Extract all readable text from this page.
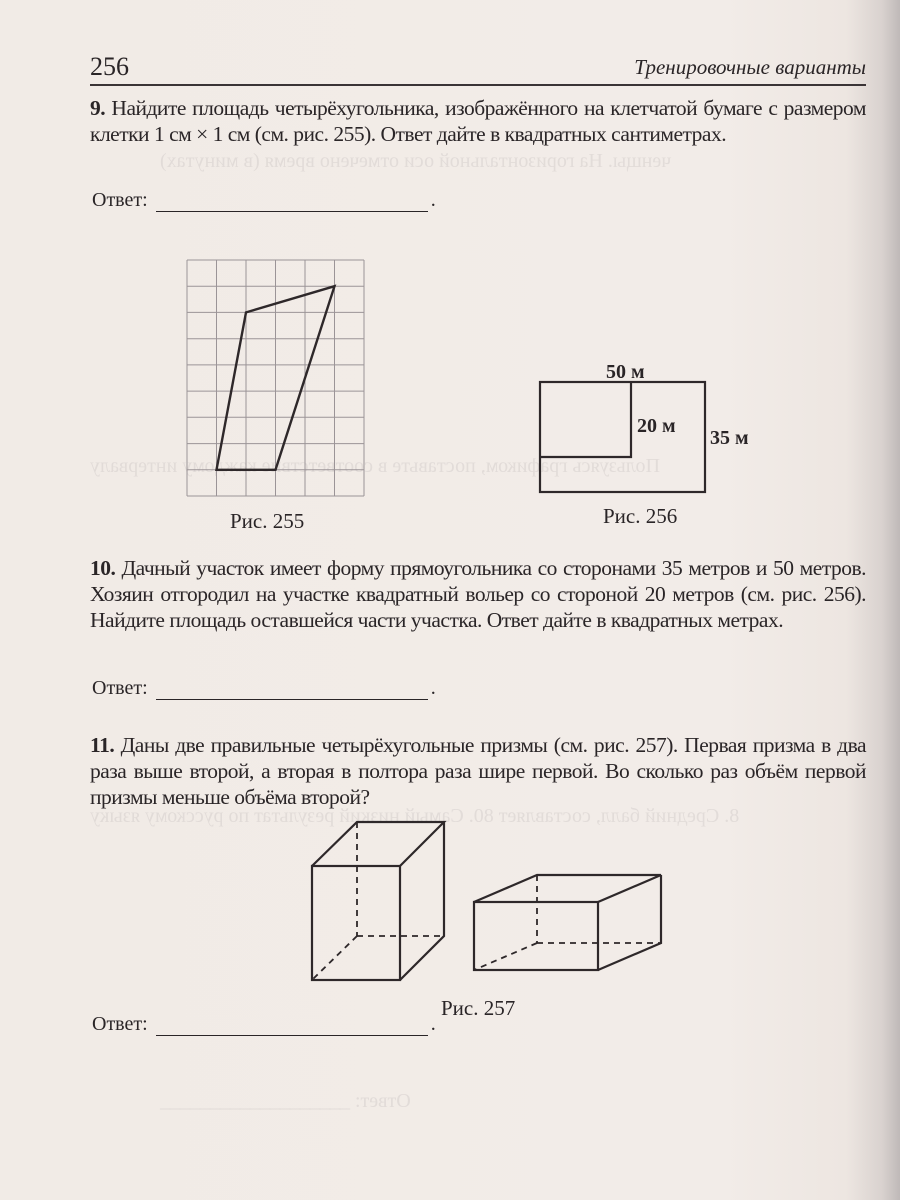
ченщы. На горизонтальной оси отмечено время (в минутах)
Пользуясь графиком, поставьте в соответствие каждому интервалу
8. Средний балл, составляет 80. Самый низкий результат по русскому языку
Ответ: ___________________
256	Тренировочные варианты
9. Найдите площадь четырёхугольника, изображённого на клетчатой бумаге с размером клетки 1 см × 1 см (см. рис. 255). Ответ дайте в квадратных сантиметрах.
Ответ:	.
Рис. 255
50 м
20 м
35 м
Рис. 256
10. Дачный участок имеет форму прямоугольника со сторонами 35 метров и 50 метров. Хозяин отгородил на участке квадратный вольер со стороной 20 метров (см. рис. 256). Найдите площадь оставшейся части участка. Ответ дайте в квадратных метрах.
Ответ:	.
11. Даны две правильные четырёхугольные призмы (см. рис. 257). Первая призма в два раза выше второй, а вторая в полтора раза шире первой. Во сколько раз объём первой призмы меньше объёма второй?
Рис. 257
Ответ:	.
